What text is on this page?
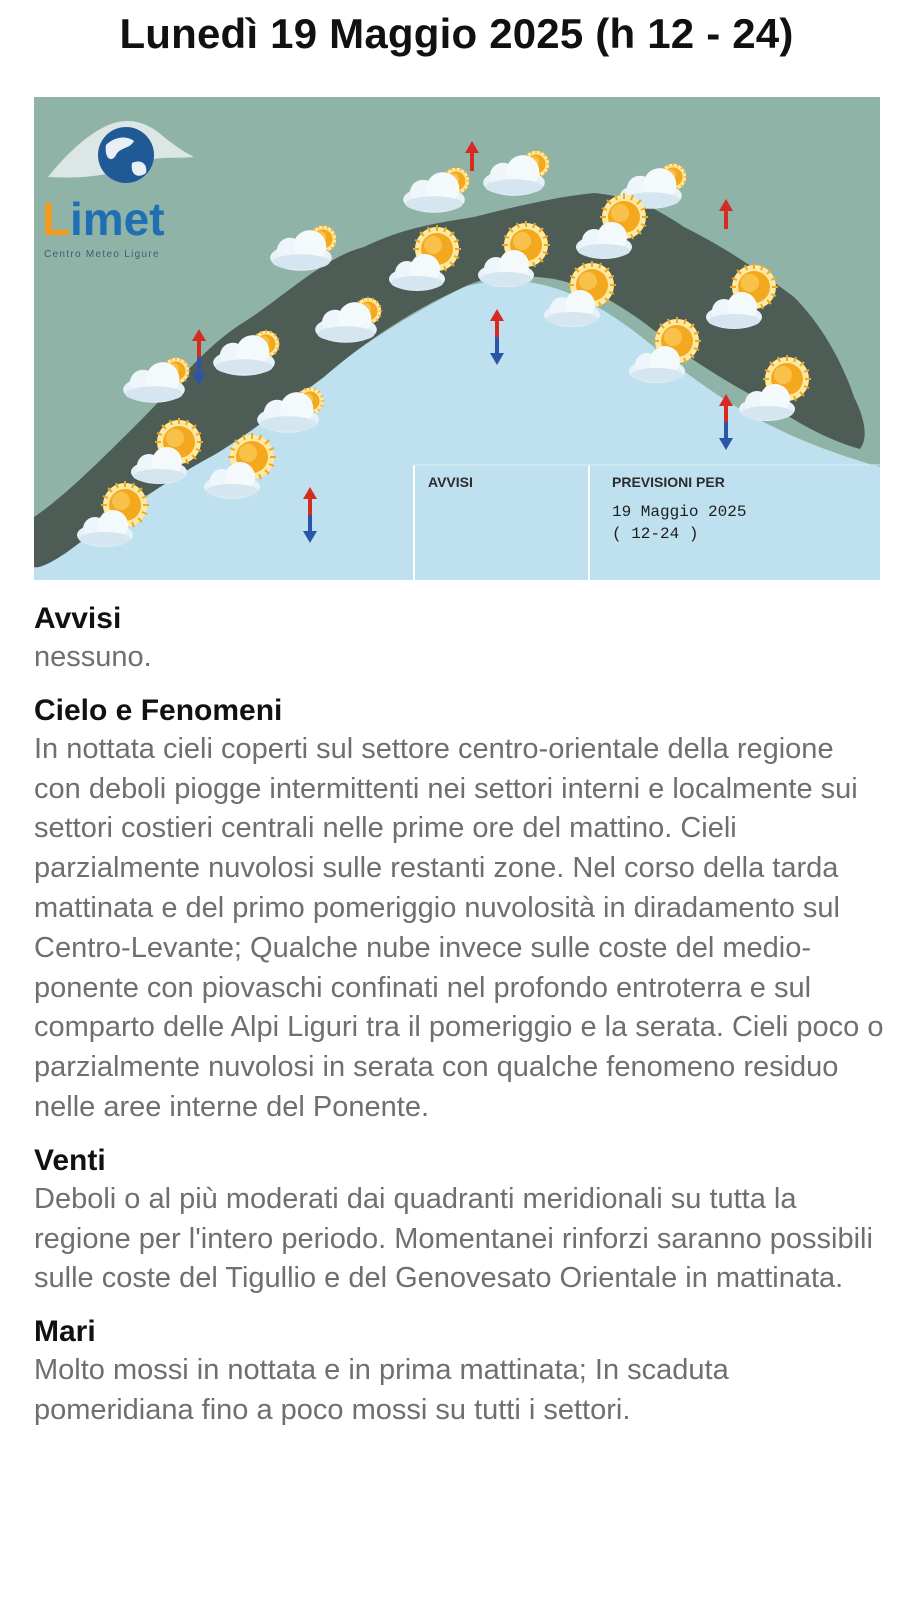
Lunedì 19 Maggio 2025 (h 12 - 24)
L imet
Centro Meteo Ligure
AVVISI	PREVISIONI PER
19 Maggio 2025
( 12-24 )
Avvisi
nessuno.
Cielo e Fenomeni
In nottata cieli coperti sul settore centro-orientale della regione con deboli piogge intermittenti nei settori interni e localmente sui settori costieri centrali nelle prime ore del mattino. Cieli parzialmente nuvolosi sulle restanti zone. Nel corso della tarda mattinata e del primo pomeriggio nuvolosità in diradamento sul Centro-Levante; Qualche nube invece sulle coste del medio-ponente con piovaschi confinati nel profondo entroterra e sul comparto delle Alpi Liguri tra il pomeriggio e la serata. Cieli poco o parzialmente nuvolosi in serata con qualche fenomeno residuo nelle aree interne del Ponente.
Venti
Deboli o al più moderati dai quadranti meridionali su tutta la regione per l'intero periodo. Momentanei rinforzi saranno possibili sulle coste del Tigullio e del Genovesato Orientale in mattinata.
Mari
Molto mossi in nottata e in prima mattinata; In scaduta pomeridiana fino a poco mossi su tutti i settori.
